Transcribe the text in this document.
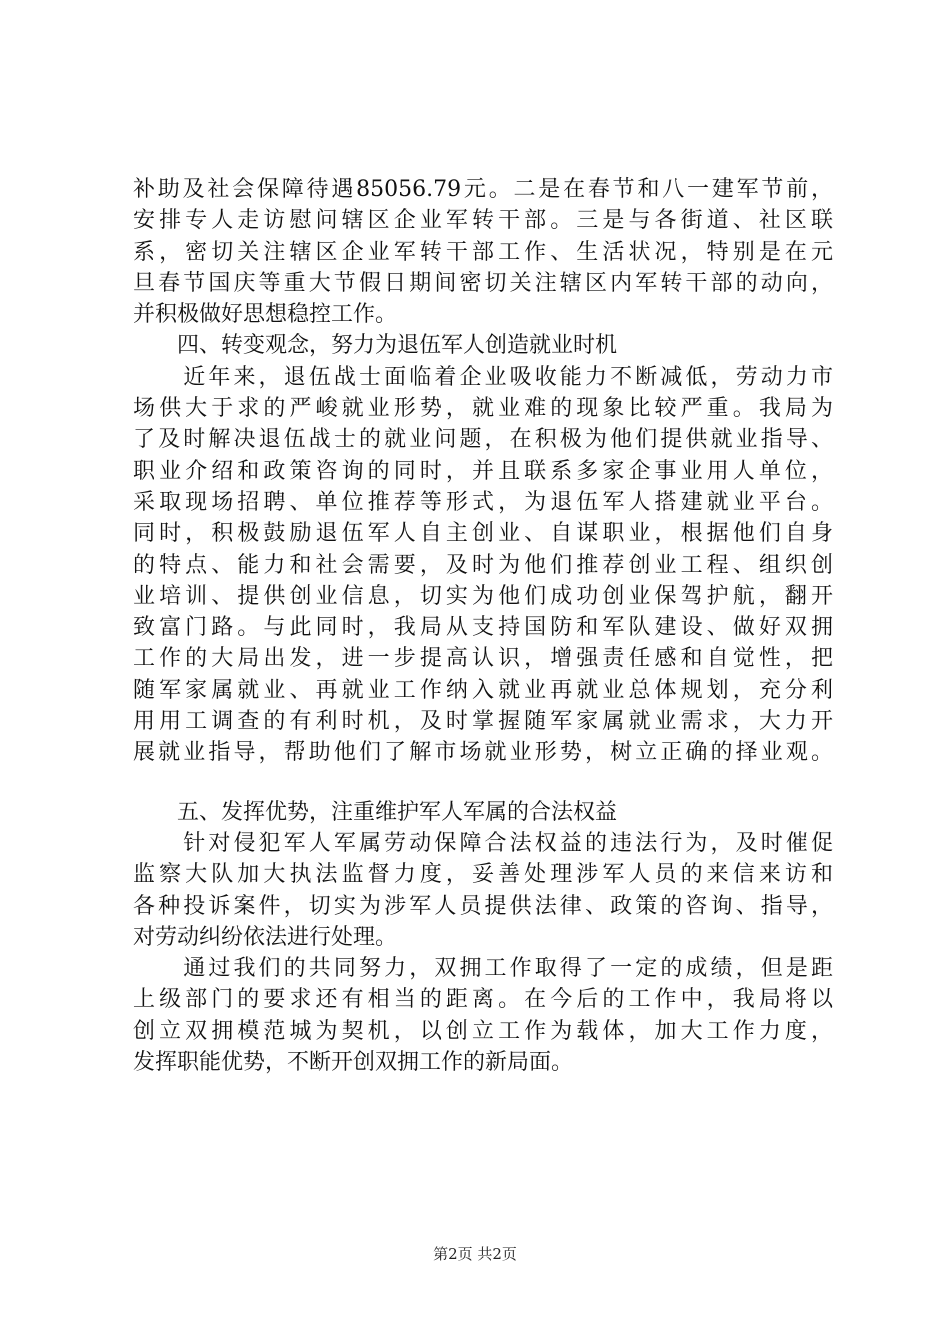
补助及社会保障待遇85056.79元。二是在春节和八一建军节前，
安排专人走访慰问辖区企业军转干部。三是与各街道、社区联
系，密切关注辖区企业军转干部工作、生活状况，特别是在元
旦春节国庆等重大节假日期间密切关注辖区内军转干部的动向，
并积极做好思想稳控工作。
　　四、转变观念，努力为退伍军人创造就业时机
　　近年来，退伍战士面临着企业吸收能力不断减低，劳动力市
场供大于求的严峻就业形势，就业难的现象比较严重。我局为
了及时解决退伍战士的就业问题，在积极为他们提供就业指导、
职业介绍和政策咨询的同时，并且联系多家企事业用人单位，
采取现场招聘、单位推荐等形式，为退伍军人搭建就业平台。
同时，积极鼓励退伍军人自主创业、自谋职业，根据他们自身
的特点、能力和社会需要，及时为他们推荐创业工程、组织创
业培训、提供创业信息，切实为他们成功创业保驾护航，翻开
致富门路。与此同时，我局从支持国防和军队建设、做好双拥
工作的大局出发，进一步提高认识，增强责任感和自觉性，把
随军家属就业、再就业工作纳入就业再就业总体规划，充分利
用用工调查的有利时机，及时掌握随军家属就业需求，大力开
展就业指导，帮助他们了解市场就业形势，树立正确的择业观。
　　五、发挥优势，注重维护军人军属的合法权益
　　针对侵犯军人军属劳动保障合法权益的违法行为，及时催促
监察大队加大执法监督力度，妥善处理涉军人员的来信来访和
各种投诉案件，切实为涉军人员提供法律、政策的咨询、指导，
对劳动纠纷依法进行处理。
　　通过我们的共同努力，双拥工作取得了一定的成绩，但是距
上级部门的要求还有相当的距离。在今后的工作中，我局将以
创立双拥模范城为契机，以创立工作为载体，加大工作力度，
发挥职能优势，不断开创双拥工作的新局面。
第2页 共2页
